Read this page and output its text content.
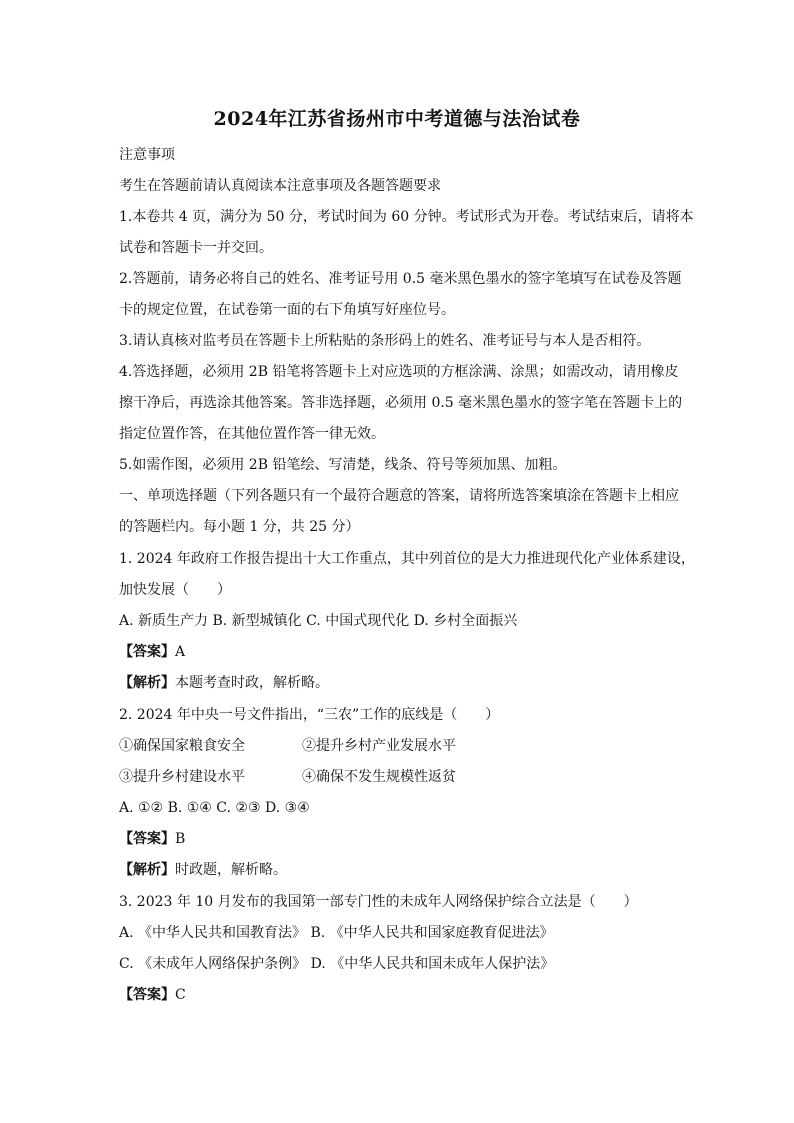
2024年江苏省扬州市中考道德与法治试卷
注意事项
考生在答题前请认真阅读本注意事项及各题答题要求
1.本卷共 4 页，满分为 50 分，考试时间为 60 分钟。考试形式为开卷。考试结束后，请将本
试卷和答题卡一并交回。
2.答题前，请务必将自己的姓名、准考证号用 0.5 毫米黑色墨水的签字笔填写在试卷及答题
卡的规定位置，在试卷第一面的右下角填写好座位号。
3.请认真核对监考员在答题卡上所粘贴的条形码上的姓名、准考证号与本人是否相符。
4.答选择题，必须用 2B 铅笔将答题卡上对应选项的方框涂满、涂黑；如需改动，请用橡皮
擦干净后，再选涂其他答案。答非选择题，必须用 0.5 毫米黑色墨水的签字笔在答题卡上的
指定位置作答，在其他位置作答一律无效。
5.如需作图，必须用 2B 铅笔绘、写清楚，线条、符号等须加黑、加粗。
一、单项选择题（下列各题只有一个最符合题意的答案，请将所选答案填涂在答题卡上相应
的答题栏内。每小题 1 分，共 25 分）
1. 2024 年政府工作报告提出十大工作重点，其中列首位的是大力推进现代化产业体系建设，
加快发展（　　）
A. 新质生产力 B. 新型城镇化 C. 中国式现代化 D. 乡村全面振兴
【答案】A
【解析】本题考查时政，解析略。
2. 2024 年中央一号文件指出，“三农”工作的底线是（　　）
①确保国家粮食安全	②提升乡村产业发展水平
③提升乡村建设水平	④确保不发生规模性返贫
A. ①② B. ①④ C. ②③ D. ③④
【答案】B
【解析】时政题，解析略。
3. 2023 年 10 月发布的我国第一部专门性的未成年人网络保护综合立法是（　　）
A. 《中华人民共和国教育法》 B. 《中华人民共和国家庭教育促进法》
C. 《未成年人网络保护条例》 D. 《中华人民共和国未成年人保护法》
【答案】C
